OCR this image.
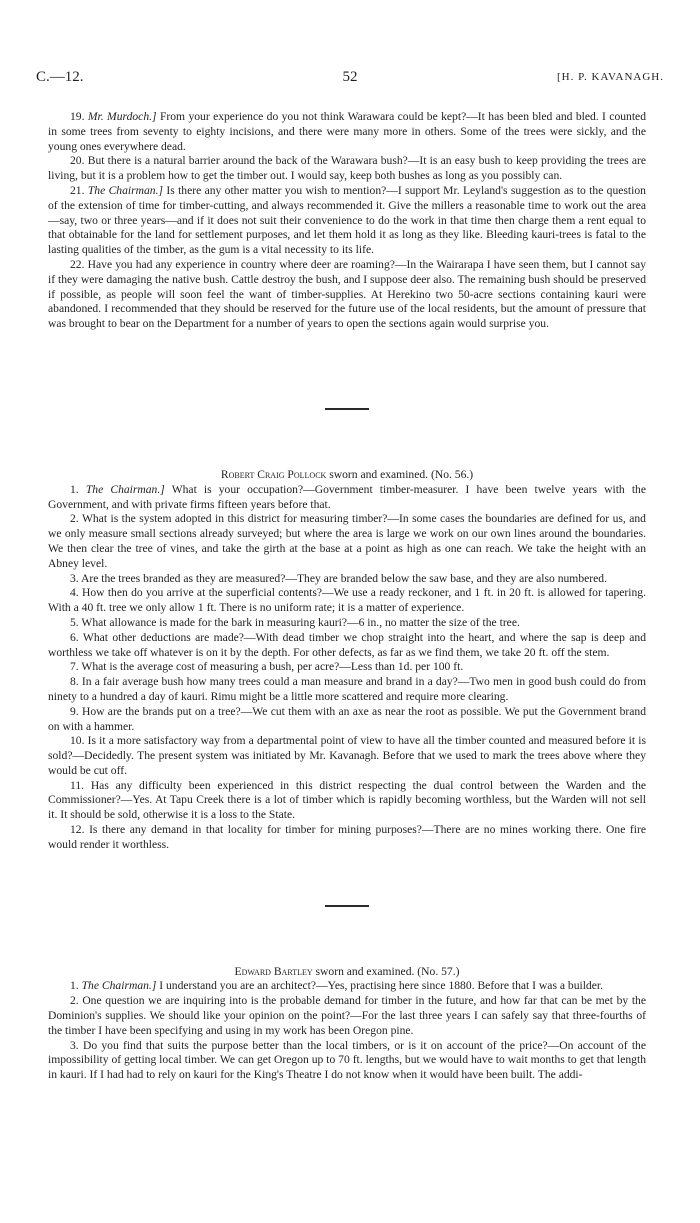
C.—12.	52	[H. P. KAVANAGH.

19. Mr. Murdoch.] From your experience do you not think Warawara could be kept?—It has been bled and bled. I counted in some trees from seventy to eighty incisions, and there were many more in others. Some of the trees were sickly, and the young ones everywhere dead.

20. But there is a natural barrier around the back of the Warawara bush?—It is an easy bush to keep providing the trees are living, but it is a problem how to get the timber out. I would say, keep both bushes as long as you possibly can.

21. The Chairman.] Is there any other matter you wish to mention?—I support Mr. Leyland's suggestion as to the question of the extension of time for timber-cutting, and always recommended it. Give the millers a reasonable time to work out the area—say, two or three years—and if it does not suit their convenience to do the work in that time then charge them a rent equal to that obtainable for the land for settlement purposes, and let them hold it as long as they like. Bleeding kauri-trees is fatal to the lasting qualities of the timber, as the gum is a vital necessity to its life.

22. Have you had any experience in country where deer are roaming?—In the Wairarapa I have seen them, but I cannot say if they were damaging the native bush. Cattle destroy the bush, and I suppose deer also. The remaining bush should be preserved if possible, as people will soon feel the want of timber-supplies. At Herekino two 50-acre sections containing kauri were abandoned. I recommended that they should be reserved for the future use of the local residents, but the amount of pressure that was brought to bear on the Department for a number of years to open the sections again would surprise you.

Robert Craig Pollock sworn and examined. (No. 56.)

1. The Chairman.] What is your occupation?—Government timber-measurer. I have been twelve years with the Government, and with private firms fifteen years before that.

2. What is the system adopted in this district for measuring timber?—In some cases the boundaries are defined for us, and we only measure small sections already surveyed; but where the area is large we work on our own lines around the boundaries. We then clear the tree of vines, and take the girth at the base at a point as high as one can reach. We take the height with an Abney level.

3. Are the trees branded as they are measured?—They are branded below the saw base, and they are also numbered.

4. How then do you arrive at the superficial contents?—We use a ready reckoner, and 1 ft. in 20 ft. is allowed for tapering. With a 40 ft. tree we only allow 1 ft. There is no uniform rate; it is a matter of experience.

5. What allowance is made for the bark in measuring kauri?—6 in., no matter the size of the tree.

6. What other deductions are made?—With dead timber we chop straight into the heart, and where the sap is deep and worthless we take off whatever is on it by the depth. For other defects, as far as we find them, we take 20 ft. off the stem.

7. What is the average cost of measuring a bush, per acre?—Less than 1d. per 100 ft.

8. In a fair average bush how many trees could a man measure and brand in a day?—Two men in good bush could do from ninety to a hundred a day of kauri. Rimu might be a little more scattered and require more clearing.

9. How are the brands put on a tree?—We cut them with an axe as near the root as possible. We put the Government brand on with a hammer.

10. Is it a more satisfactory way from a departmental point of view to have all the timber counted and measured before it is sold?—Decidedly. The present system was initiated by Mr. Kavanagh. Before that we used to mark the trees above where they would be cut off.

11. Has any difficulty been experienced in this district respecting the dual control between the Warden and the Commissioner?—Yes. At Tapu Creek there is a lot of timber which is rapidly becoming worthless, but the Warden will not sell it. It should be sold, otherwise it is a loss to the State.

12. Is there any demand in that locality for timber for mining purposes?—There are no mines working there. One fire would render it worthless.

Edward Bartley sworn and examined. (No. 57.)

1. The Chairman.] I understand you are an architect?—Yes, practising here since 1880. Before that I was a builder.

2. One question we are inquiring into is the probable demand for timber in the future, and how far that can be met by the Dominion's supplies. We should like your opinion on the point?—For the last three years I can safely say that three-fourths of the timber I have been specifying and using in my work has been Oregon pine.

3. Do you find that suits the purpose better than the local timbers, or is it on account of the price?—On account of the impossibility of getting local timber. We can get Oregon up to 70 ft. lengths, but we would have to wait months to get that length in kauri. If I had had to rely on kauri for the King's Theatre I do not know when it would have been built. The addi-
